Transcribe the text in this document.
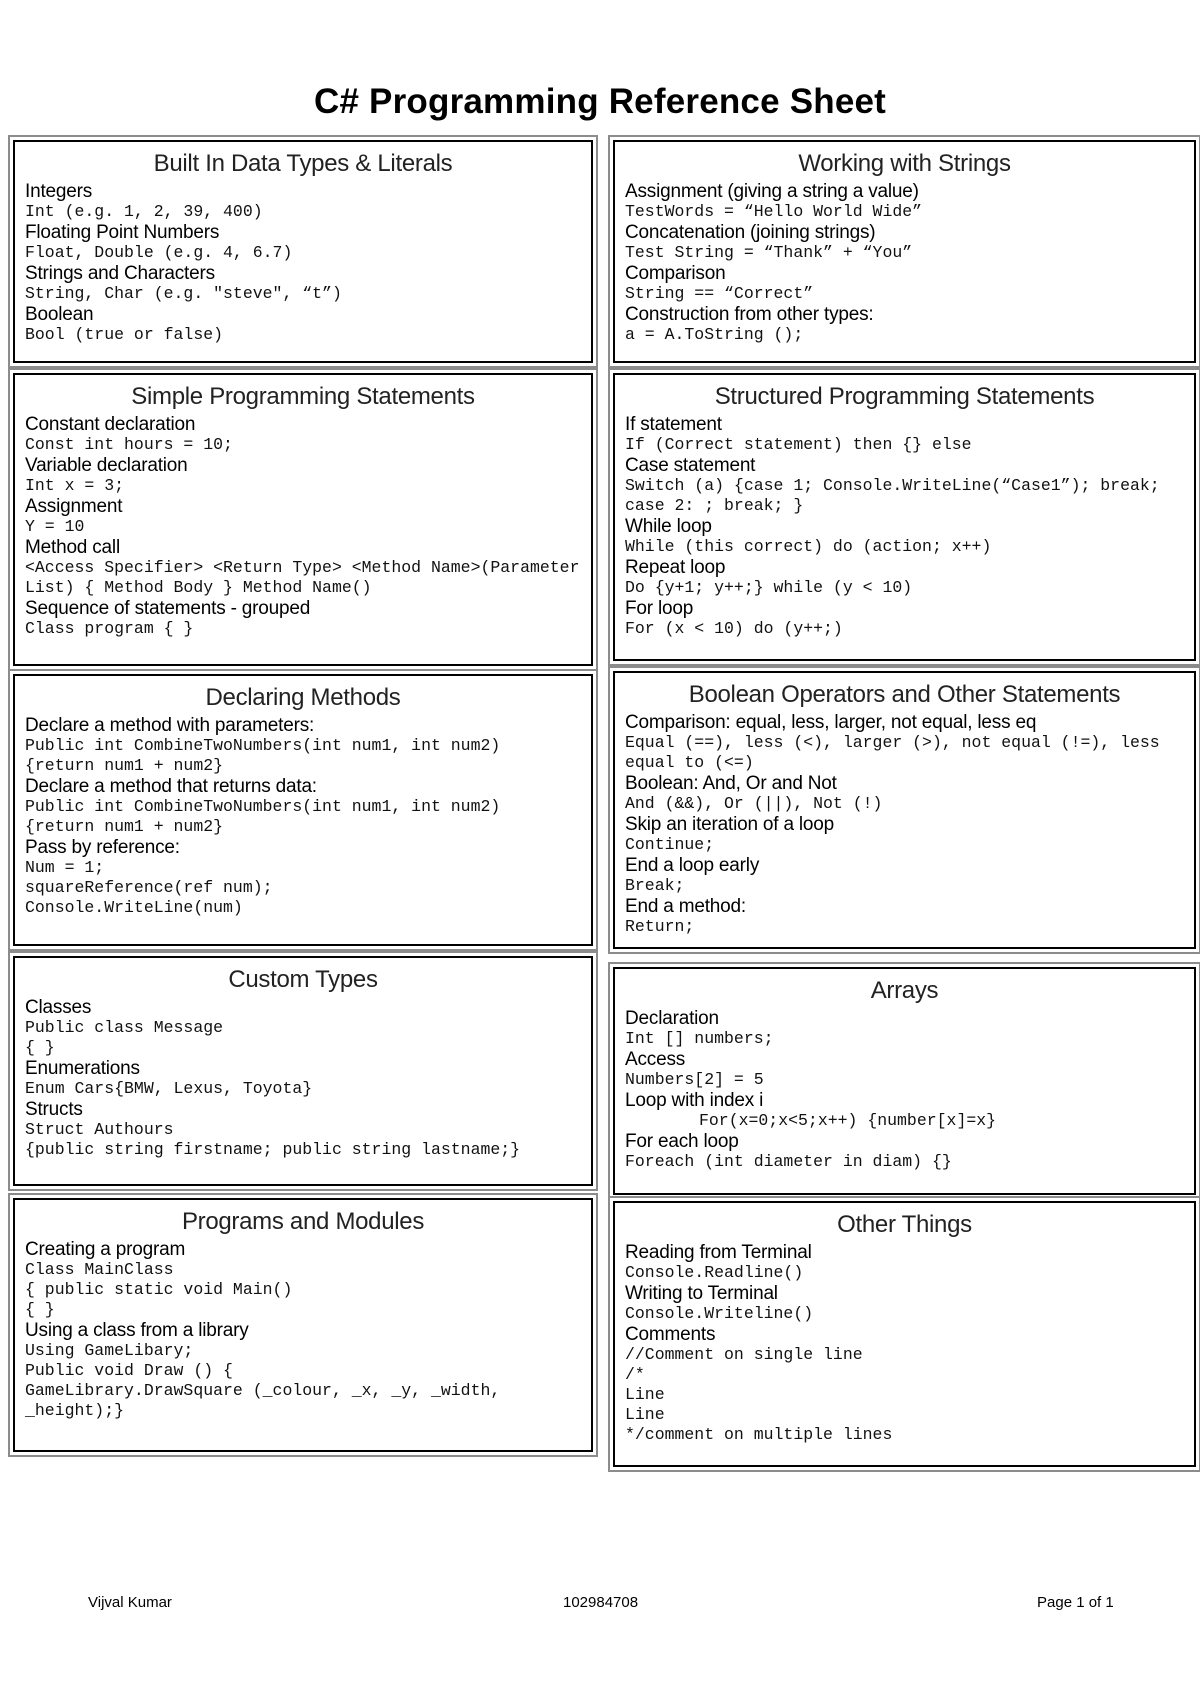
C# Programming Reference Sheet
Built In Data Types & Literals
Integers
Int (e.g. 1, 2, 39, 400)
Floating Point Numbers
Float, Double (e.g. 4, 6.7)
Strings and Characters
String, Char (e.g. "steve", “t”)
Boolean
Bool (true or false)
Working with Strings
Assignment (giving a string a value)
TestWords = “Hello World Wide”
Concatenation (joining strings)
Test String = “Thank” + “You”
Comparison
String == “Correct”
Construction from other types:
a = A.ToString ();
Simple Programming Statements
Constant declaration
Const int hours = 10;
Variable declaration
Int x = 3;
Assignment
Y = 10
Method call
<Access Specifier> <Return Type> <Method Name>(Parameter List) { Method Body } Method Name()
Sequence of statements - grouped
Class program { }
Structured Programming Statements
If statement
If (Correct statement) then {} else
Case statement
Switch (a) {case 1; Console.WriteLine(“Case1”); break; case 2: ; break; }
While loop
While (this correct) do (action; x++)
Repeat loop
Do {y+1; y++;} while (y < 10)
For loop
For (x < 10) do (y++;)
Declaring Methods
Declare a method with parameters:
Public int CombineTwoNumbers(int num1, int num2)
{return num1 + num2}
Declare a method that returns data:
Public int CombineTwoNumbers(int num1, int num2)
{return num1 + num2}
Pass by reference:
Num = 1;
squareReference(ref num);
Console.WriteLine(num)
Boolean Operators and Other Statements
Comparison: equal, less, larger, not equal, less eq
Equal (==), less (<), larger (>), not equal (!=), less equal to (<=)
Boolean: And, Or and Not
And (&&), Or (||), Not (!)
Skip an iteration of a loop
Continue;
End a loop early
Break;
End a method:
Return;
Custom Types
Classes
Public class Message
{ }
Enumerations
Enum Cars{BMW, Lexus, Toyota}
Structs
Struct Authours
{public string firstname; public string lastname;}
Arrays
Declaration
Int [] numbers;
Access
Numbers[2] = 5
Loop with index i
For(x=0;x<5;x++) {number[x]=x}
For each loop
Foreach (int diameter in diam) {}
Programs and Modules
Creating a program
Class MainClass
{ public static void Main()
{ }
Using a class from a library
Using GameLibary;
Public void Draw () {
GameLibrary.DrawSquare (_colour, _x, _y, _width, _height);}
Other Things
Reading from Terminal
Console.Readline()
Writing to Terminal
Console.Writeline()
Comments
//Comment on single line
/*
Line
Line
*/comment on multiple lines
Vijval Kumar	102984708	Page 1 of 1
